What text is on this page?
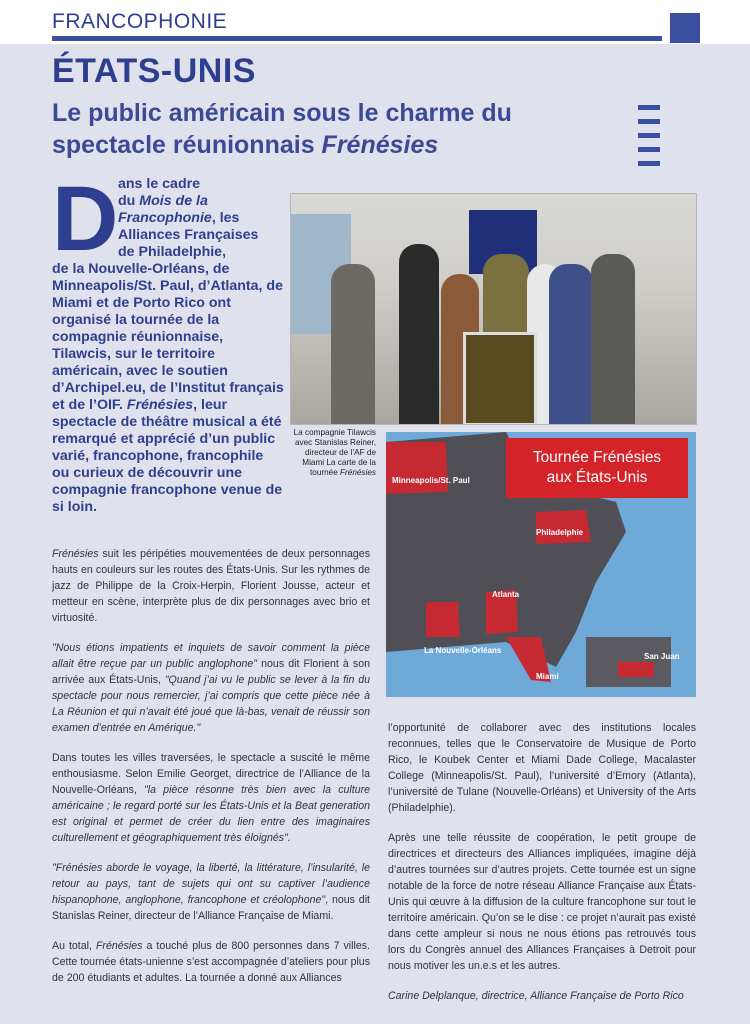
FRANCOPHONIE
ÉTATS-UNIS
Le public américain sous le charme du spectacle réunionnais Frénésies
D ans le cadre
du Mois de la
Francophonie, les
Alliances Françaises
de Philadelphie,
de la Nouvelle-Orléans, de Minneapolis/St. Paul, d’Atlanta, de Miami et de Porto Rico ont organisé la tournée de la compagnie réunionnaise, Tilawcis, sur le territoire américain, avec le soutien d’Archipel.eu, de l’Institut français et de l’OIF. Frénésies, leur spectacle de théâtre musical a été remarqué et apprécié d’un public varié, francophone, francophile ou curieux de découvrir une compagnie francophone venue de si loin.
La compagnie Tilawcis avec Stanislas Reiner, directeur de l’AF de Miami La carte de la tournée Frénésies
Tournée Frénésies
aux États-Unis
Minneapolis/St. Paul
Philadelphie
Atlanta
La Nouvelle-Orléans
Miami
San Juan

Frénésies suit les péripéties mouvementées de deux personnages hauts en couleurs sur les routes des États-Unis. Sur les rythmes de jazz de Philippe de la Croix-Herpin, Florient Jousse, acteur et metteur en scène, interprète plus de dix personnages avec brio et virtuosité.

"Nous étions impatients et inquiets de savoir comment la pièce allait être reçue par un public anglophone" nous dit Florient à son arrivée aux États-Unis, "Quand j’ai vu le public se lever à la fin du spectacle pour nous remercier, j’ai compris que cette pièce née à La Réunion et qui n’avait été joué que là-bas, venait de réussir son examen d’entrée en Amérique."

Dans toutes les villes traversées, le spectacle a suscité le même enthousiasme. Selon Emilie Georget, directrice de l’Alliance de la Nouvelle-Orléans, "la pièce résonne très bien avec la culture américaine ; le regard porté sur les États-Unis et la Beat generation est original et permet de créer du lien entre des imaginaires culturellement et géographiquement très éloignés".

"Frénésies aborde le voyage, la liberté, la littérature, l’insularité, le retour au pays, tant de sujets qui ont su captiver l’audience hispanophone, anglophone, francophone et créolophone", nous dit Stanislas Reiner, directeur de l’Alliance Française de Miami.

Au total, Frénésies a touché plus de 800 personnes dans 7 villes. Cette tournée états-unienne s’est accompagnée d’ateliers pour plus de 200 étudiants et adultes. La tournée a donné aux Alliances

l’opportunité de collaborer avec des institutions locales reconnues, telles que le Conservatoire de Musique de Porto Rico, le Koubek Center et Miami Dade College, Macalaster College (Minneapolis/St. Paul), l’université d’Emory (Atlanta), l’université de Tulane (Nouvelle-Orléans) et University of the Arts (Philadelphie).

Après une telle réussite de coopération, le petit groupe de directrices et directeurs des Alliances impliquées, imagine déjà d’autres tournées sur d’autres projets. Cette tournée est un signe notable de la force de notre réseau Alliance Française aux États-Unis qui œuvre à la diffusion de la culture francophone sur tout le territoire américain. Qu’on se le dise : ce projet n’aurait pas existé dans cette ampleur si nous ne nous étions pas retrouvés tous lors du Congrès annuel des Alliances Françaises à Detroit pour nous motiver les un.e.s et les autres.

Carine Delplanque, directrice, Alliance Française de Porto Rico
